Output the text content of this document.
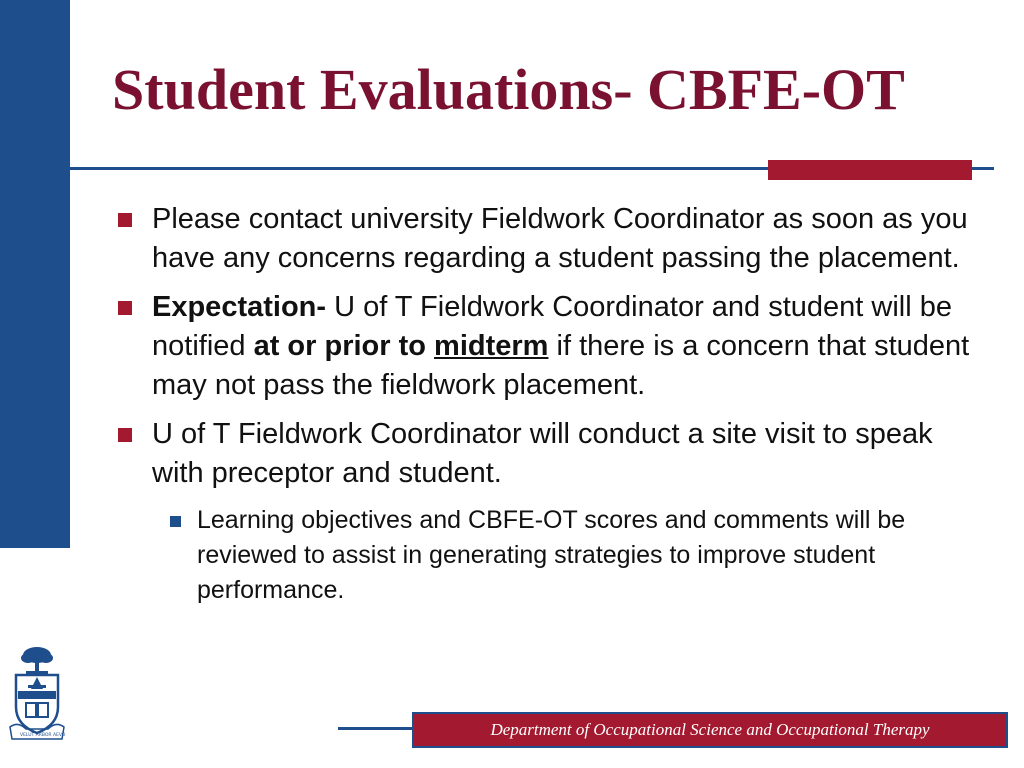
Student Evaluations- CBFE-OT

Please contact university Fieldwork Coordinator as soon as you have any concerns regarding a student passing the placement.

Expectation- U of T Fieldwork Coordinator and student will be notified at or prior to midterm if there is a concern that student may not pass the fieldwork placement.

U of T Fieldwork Coordinator will conduct a site visit to speak with preceptor and student.

Learning objectives and CBFE-OT scores and comments will be reviewed to assist in generating strategies to improve student performance.

VELUT ARBOR AEVO	Department of Occupational Science and Occupational Therapy
